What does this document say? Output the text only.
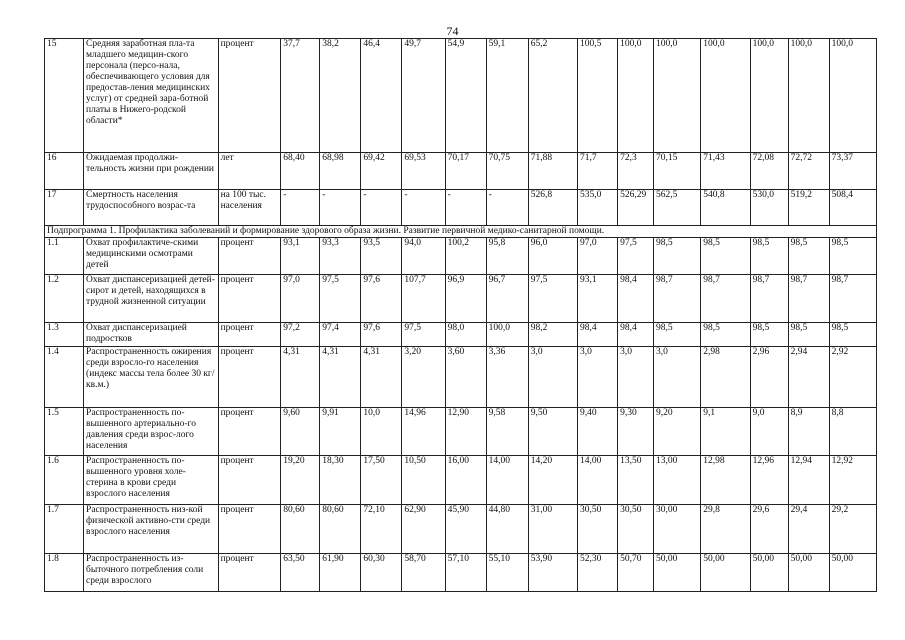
74
15	Средняя заработная пла-та младшего медицин-ского персонала (персо-нала, обеспечивающего условия для предостав-ления медицинских услуг) от средней зара-ботной платы в Нижего-родской области*	процент	37,7	38,2	46,4	49,7	54,9	59,1	65,2	100,5	100,0	100,0	100,0	100,0	100,0	100,0
16	Ожидаемая продолжи-тельность жизни при рождении	лет	68,40	68,98	69,42	69,53	70,17	70,75	71,88	71,7	72,3	70,15	71,43	72,08	72,72	73,37
17	Смертность населения трудоспособного возрас-та	на 100 тыс. населения	-	-	-	-	-	-	526,8	535,0	526,29	562,5	540,8	530,0	519,2	508,4
Подпрограмма 1. Профилактика заболеваний и формирование здорового образа жизни. Развитие первичной медико-санитарной помощи.																
1.1	Охват профилактиче-скими медицинскими осмотрами детей	процент	93,1	93,3	93,5	94,0	100,2	95,8	96,0	97,0	97,5	98,5	98,5	98,5	98,5	98,5
1.2	Охват диспансеризацией детей-сирот и детей, находящихся в трудной жизненной ситуации	процент	97,0	97,5	97,6	107,7	96,9	96,7	97,5	93,1	98,4	98,7	98,7	98,7	98,7	98,7
1.3	Охват диспансеризацией подростков	процент	97,2	97,4	97,6	97,5	98,0	100,0	98,2	98,4	98,4	98,5	98,5	98,5	98,5	98,5
1.4	Распространенность ожирения среди взросло-го населения (индекс массы тела более 30 кг/кв.м.)	процент	4,31	4,31	4,31	3,20	3,60	3,36	3,0	3,0	3,0	3,0	2,98	2,96	2,94	2,92
1.5	Распространенность по-вышенного артериально-го давления среди взрос-лого населения	процент	9,60	9,91	10,0	14,96	12,90	9,58	9,50	9,40	9,30	9,20	9,1	9,0	8,9	8,8
1.6	Распространенность по-вышенного уровня холе-стерина в крови среди взрослого населения	процент	19,20	18,30	17,50	10,50	16,00	14,00	14,20	14,00	13,50	13,00	12,98	12,96	12,94	12,92
1.7	Распространенность низ-кой физической активно-сти среди взрослого населения	процент	80,60	80,60	72,10	62,90	45,90	44,80	31,00	30,50	30,50	30,00	29,8	29,6	29,4	29,2
1.8	Распространенность из-быточного потребления соли среди взрослого	процент	63,50	61,90	60,30	58,70	57,10	55,10	53,90	52,30	50,70	50,00	50,00	50,00	50,00	50,00
